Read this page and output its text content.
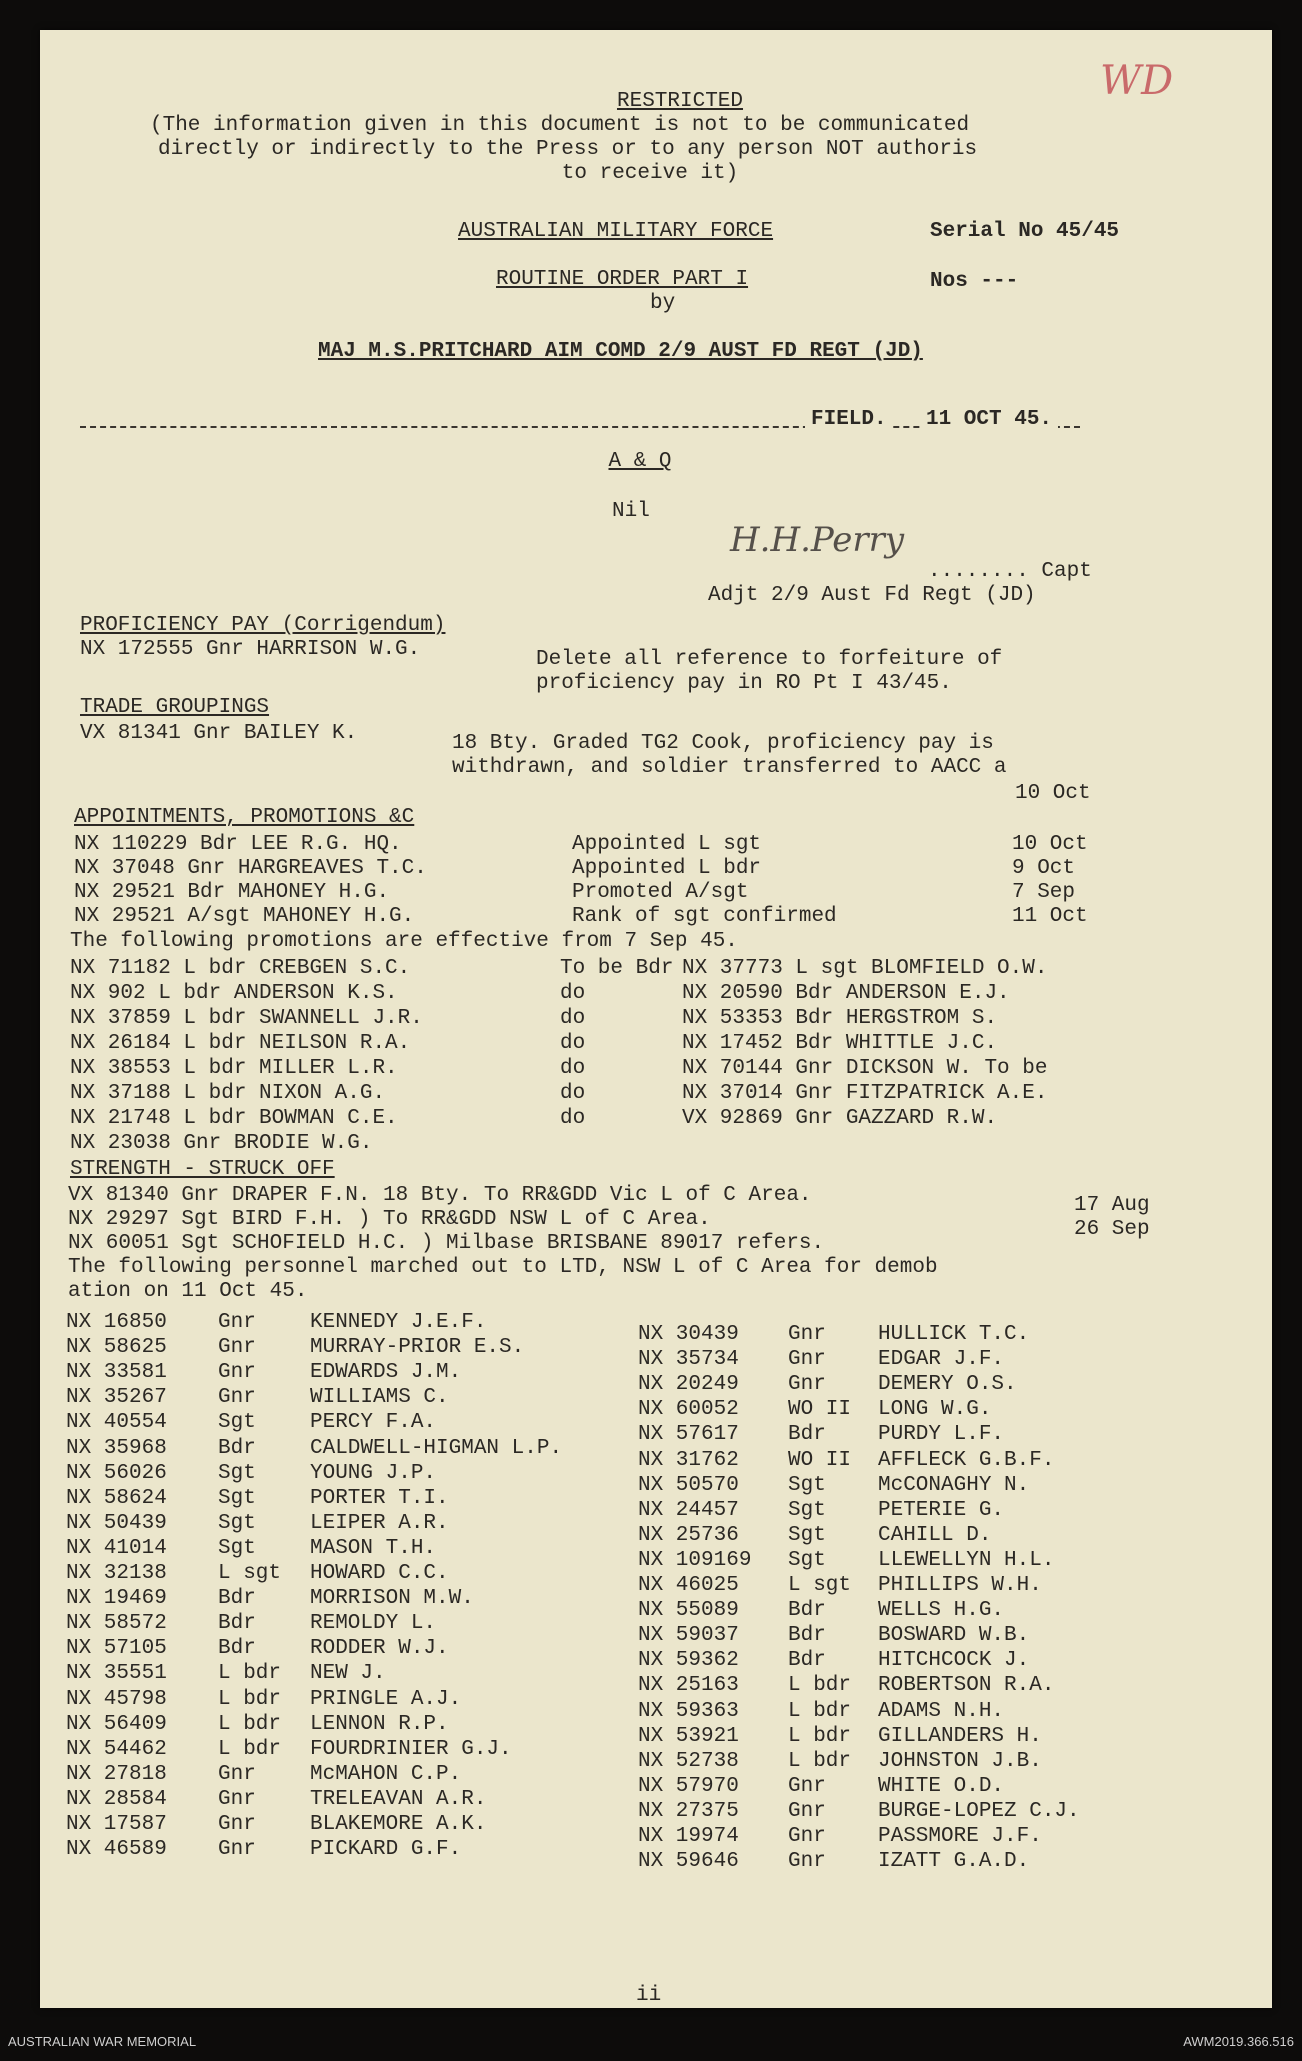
WD
RESTRICTED
(The information given in this document is not to be communicated
directly or indirectly to the Press or to any person NOT authoris
to receive it)
AUSTRALIAN MILITARY FORCE	Serial No 45/45
ROUTINE ORDER PART I	Nos ---
by
MAJ M.S.PRITCHARD AIM COMD 2/9 AUST FD REGT (JD)
FIELD. 11 OCT 45.
A & Q
Nil
H.H.Perry
........ Capt
Adjt 2/9 Aust Fd Regt (JD)
PROFICIENCY PAY (Corrigendum)
NX 172555 Gnr HARRISON W.G.	Delete all reference to forfeiture of
proficiency pay in RO Pt I 43/45.
TRADE GROUPINGS
VX 81341 Gnr BAILEY K.	18 Bty. Graded TG2 Cook, proficiency pay is
withdrawn, and soldier transferred to AACC a
10 Oct
APPOINTMENTS, PROMOTIONS &C
NX 110229 Bdr LEE R.G. HQ.	Appointed L sgt	10 Oct
NX 37048 Gnr HARGREAVES T.C.	Appointed L bdr	9 Oct
NX 29521 Bdr MAHONEY H.G.	Promoted A/sgt	7 Sep
NX 29521 A/sgt MAHONEY H.G.	Rank of sgt confirmed	11 Oct
The following promotions are effective from 7 Sep 45.
NX 71182 L bdr CREBGEN S.C.	To be Bdr NX 37773 L sgt BLOMFIELD O.W.
NX 902 L bdr ANDERSON K.S.	do	NX 20590 Bdr ANDERSON E.J.
NX 37859 L bdr SWANNELL J.R.	do	NX 53353 Bdr HERGSTROM S.
NX 26184 L bdr NEILSON R.A.	do	NX 17452 Bdr WHITTLE J.C.
NX 38553 L bdr MILLER L.R.	do	NX 70144 Gnr DICKSON W. To be
NX 37188 L bdr NIXON A.G.	do	NX 37014 Gnr FITZPATRICK A.E.
NX 21748 L bdr BOWMAN C.E.	do	VX 92869 Gnr GAZZARD R.W.
NX 23038 Gnr BRODIE W.G.
STRENGTH - STRUCK OFF
VX 81340 Gnr DRAPER F.N. 18 Bty. To RR&GDD Vic L of C Area.	17 Aug
NX 29297 Sgt BIRD F.H. ) To RR&GDD NSW L of C Area.	26 Sep
NX 60051 Sgt SCHOFIELD H.C. ) Milbase BRISBANE 89017 refers.
The following personnel marched out to LTD, NSW L of C Area for demob
ation on 11 Oct 45.
NX 16850 Gnr	KENNEDY J.E.F.
NX 58625 Gnr	MURRAY-PRIOR E.S.
NX 33581 Gnr	EDWARDS J.M.
NX 35267 Gnr	WILLIAMS C.
NX 40554 Sgt	PERCY F.A.
NX 35968 Bdr	CALDWELL-HIGMAN L.P.
NX 56026 Sgt	YOUNG J.P.
NX 58624 Sgt	PORTER T.I.
NX 50439 Sgt	LEIPER A.R.
NX 41014 Sgt	MASON T.H.
NX 32138 L sgt HOWARD C.C.
NX 19469 Bdr	MORRISON M.W.
NX 58572 Bdr	REMOLDY L.
NX 57105 Bdr	RODDER W.J.
NX 35551 L bdr NEW J.
NX 45798 L bdr PRINGLE A.J.
NX 56409 L bdr LENNON R.P.
NX 54462 L bdr FOURDRINIER G.J.
NX 27818 Gnr	McMAHON C.P.
NX 28584 Gnr	TRELEAVAN A.R.
NX 17587 Gnr	BLAKEMORE A.K.
NX 46589 Gnr	PICKARD G.F.
NX 30439 Gnr HULLICK T.C.
NX 35734 Gnr EDGAR J.F.
NX 20249 Gnr DEMERY O.S.
NX 60052 WO II LONG W.G.
NX 57617 Bdr PURDY L.F.
NX 31762 WO II AFFLECK G.B.F.
NX 50570 Sgt McCONAGHY N.
NX 24457 Sgt PETERIE G.
NX 25736 Sgt CAHILL D.
NX 109169 Sgt LLEWELLYN H.L.
NX 46025 L sgt PHILLIPS W.H.
NX 55089 Bdr WELLS H.G.
NX 59037 Bdr BOSWARD W.B.
NX 59362 Bdr HITCHCOCK J.
NX 25163 L bdr ROBERTSON R.A.
NX 59363 L bdr ADAMS N.H.
NX 53921 L bdr GILLANDERS H.
NX 52738 L bdr JOHNSTON J.B.
NX 57970 Gnr WHITE O.D.
NX 27375 Gnr BURGE-LOPEZ C.J.
NX 19974 Gnr PASSMORE J.F.
NX 59646 Gnr IZATT G.A.D.
ii
AUSTRALIAN WAR MEMORIAL	AWM2019.366.516
